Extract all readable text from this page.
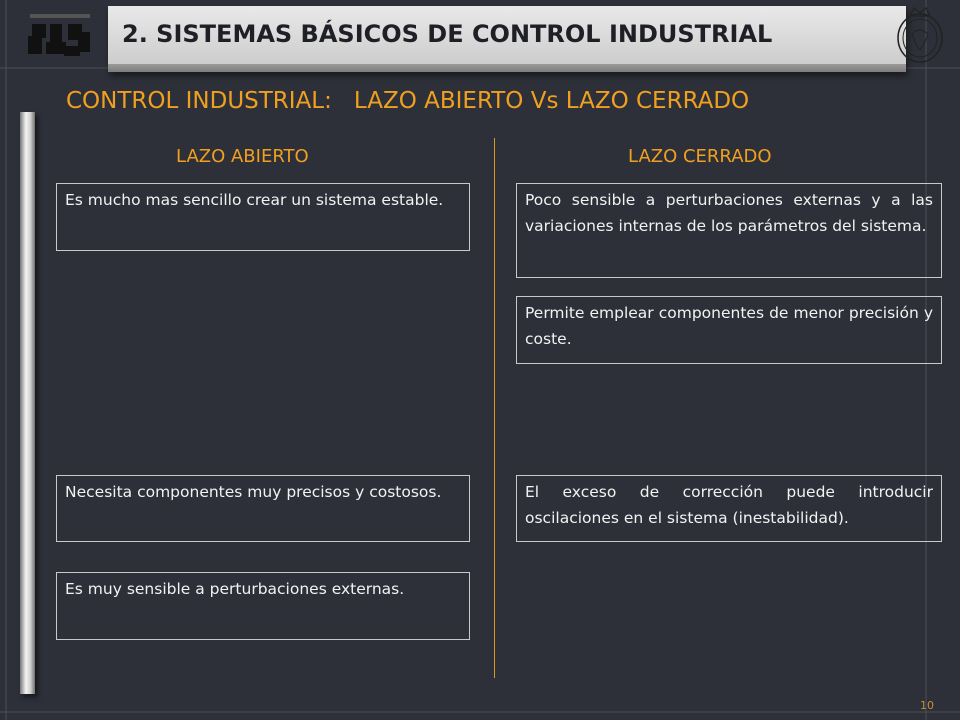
2. SISTEMAS BÁSICOS DE CONTROL INDUSTRIAL
CONTROL INDUSTRIAL: LAZO ABIERTO Vs LAZO CERRADO
LAZO ABIERTO	LAZO CERRADO
Es mucho mas sencillo crear un sistema estable.
Necesita componentes muy precisos y costosos.
Es muy sensible a perturbaciones externas.
Poco sensible a perturbaciones externas y a las variaciones internas de los parámetros del sistema.
Permite emplear componentes de menor precisión y coste.
El exceso de corrección puede introducir oscilaciones en el sistema (inestabilidad).
10
